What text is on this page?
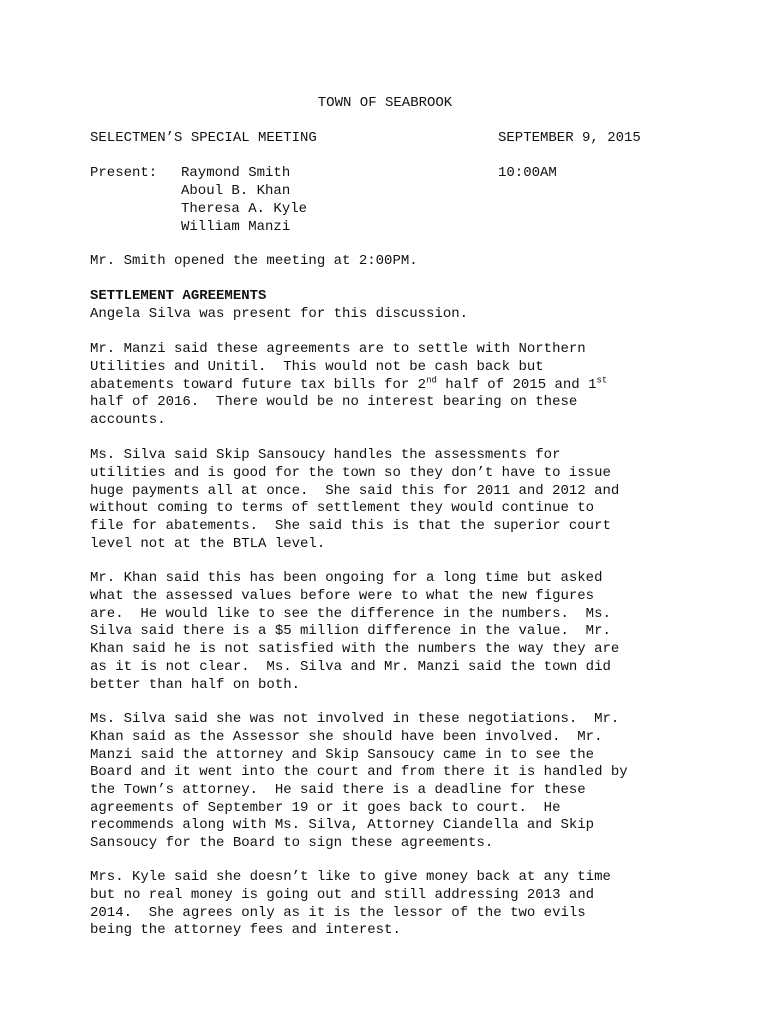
TOWN OF SEABROOK
SELECTMEN’S SPECIAL MEETING	SEPTEMBER 9, 2015
Present:	10:00AM
Raymond Smith
Aboul B. Khan
Theresa A. Kyle
William Manzi
Mr. Smith opened the meeting at 2:00PM.
SETTLEMENT AGREEMENTS
Angela Silva was present for this discussion.
Mr. Manzi said these agreements are to settle with Northern
Utilities and Unitil.  This would not be cash back but
abatements toward future tax bills for 2nd half of 2015 and 1st
half of 2016.  There would be no interest bearing on these
accounts.
Ms. Silva said Skip Sansoucy handles the assessments for
utilities and is good for the town so they don’t have to issue
huge payments all at once.  She said this for 2011 and 2012 and
without coming to terms of settlement they would continue to
file for abatements.  She said this is that the superior court
level not at the BTLA level.
Mr. Khan said this has been ongoing for a long time but asked
what the assessed values before were to what the new figures
are.  He would like to see the difference in the numbers.  Ms.
Silva said there is a $5 million difference in the value.  Mr.
Khan said he is not satisfied with the numbers the way they are
as it is not clear.  Ms. Silva and Mr. Manzi said the town did
better than half on both.
Ms. Silva said she was not involved in these negotiations.  Mr.
Khan said as the Assessor she should have been involved.  Mr.
Manzi said the attorney and Skip Sansoucy came in to see the
Board and it went into the court and from there it is handled by
the Town’s attorney.  He said there is a deadline for these
agreements of September 19 or it goes back to court.  He
recommends along with Ms. Silva, Attorney Ciandella and Skip
Sansoucy for the Board to sign these agreements.
Mrs. Kyle said she doesn’t like to give money back at any time
but no real money is going out and still addressing 2013 and
2014.  She agrees only as it is the lessor of the two evils
being the attorney fees and interest.
